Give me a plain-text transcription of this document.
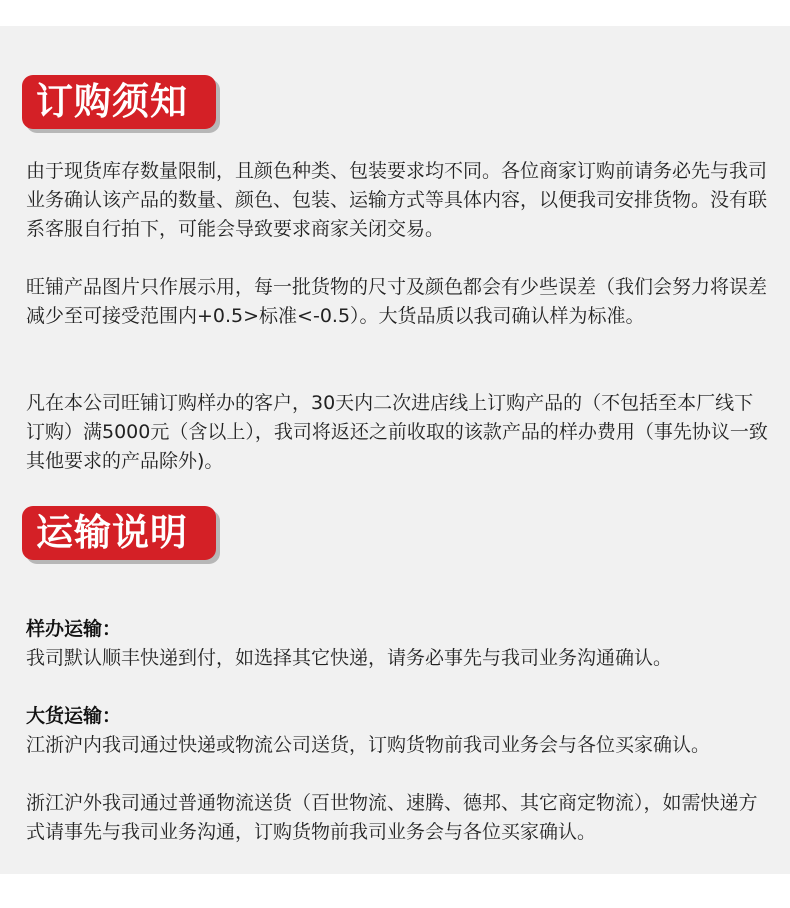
订购须知

由于现货库存数量限制，且颜色种类、包装要求均不同。各位商家订购前请务必先与我司业务确认该产品的数量、颜色、包装、运输方式等具体内容，以便我司安排货物。没有联系客服自行拍下，可能会导致要求商家关闭交易。

旺铺产品图片只作展示用，每一批货物的尺寸及颜色都会有少些误差（我们会努力将误差减少至可接受范围内+0.5>标准<-0.5）。大货品质以我司确认样为标准。

凡在本公司旺铺订购样办的客户，30天内二次进店线上订购产品的（不包括至本厂线下订购）满5000元（含以上），我司将返还之前收取的该款产品的样办费用（事先协议一致其他要求的产品除外)。

运输说明
样办运输：
我司默认顺丰快递到付，如选择其它快递，请务必事先与我司业务沟通确认。
大货运输：
江浙沪内我司通过快递或物流公司送货，订购货物前我司业务会与各位买家确认。
浙江沪外我司通过普通物流送货（百世物流、速腾、德邦、其它商定物流），如需快递方式请事先与我司业务沟通，订购货物前我司业务会与各位买家确认。
